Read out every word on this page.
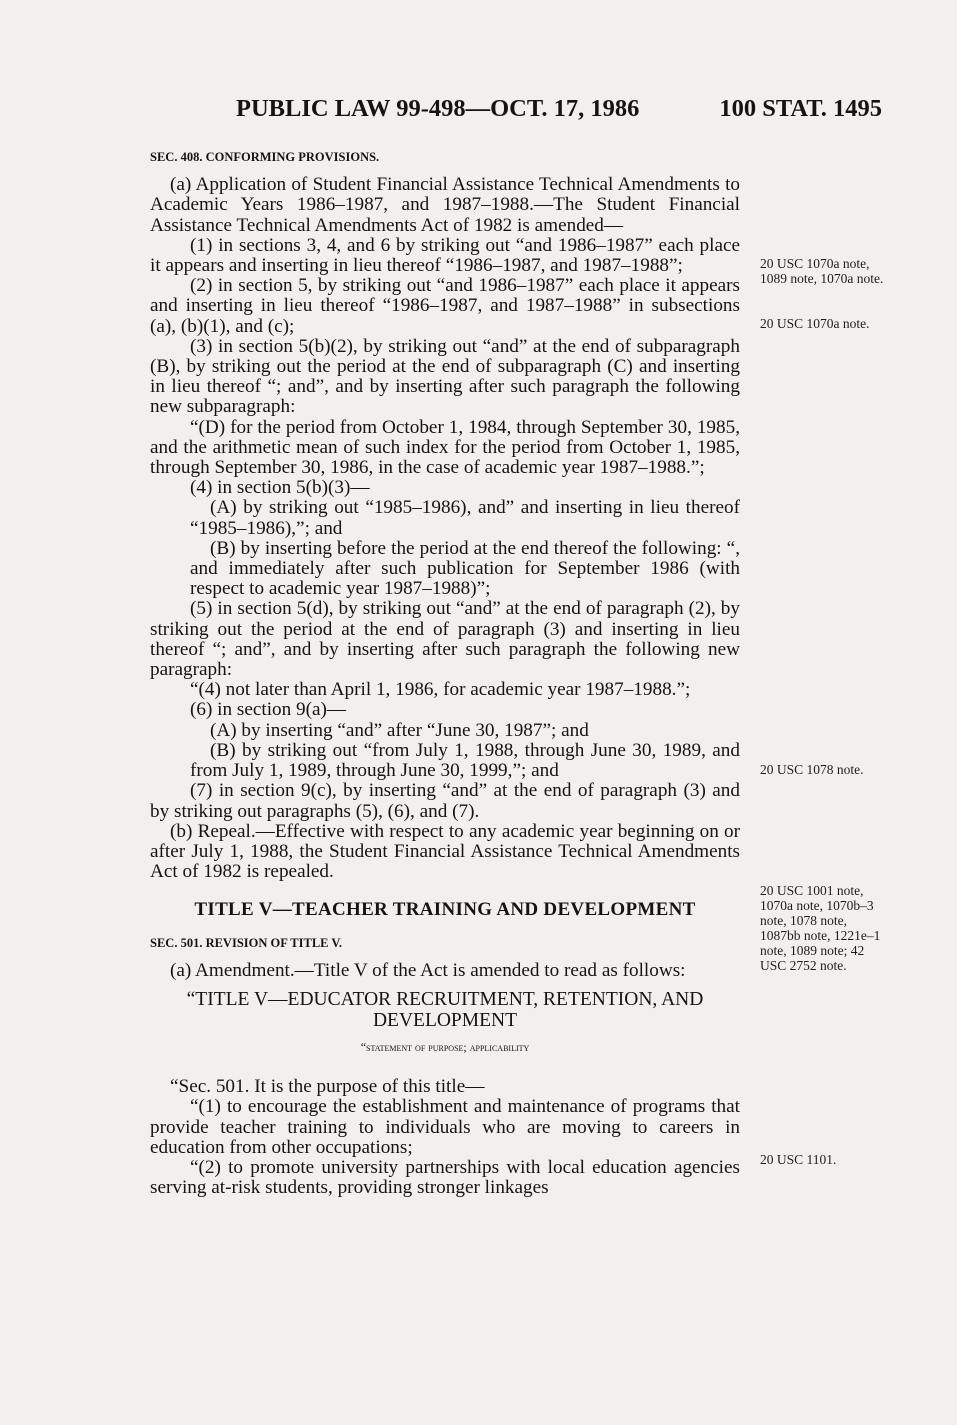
PUBLIC LAW 99-498—OCT. 17, 1986	100 STAT. 1495

SEC. 408. CONFORMING PROVISIONS.

(a) Application of Student Financial Assistance Technical Amendments to Academic Years 1986–1987, and 1987–1988.—The Student Financial Assistance Technical Amendments Act of 1982 is amended—

(1) in sections 3, 4, and 6 by striking out “and 1986–1987” each place it appears and inserting in lieu thereof “1986–1987, and 1987–1988”;

(2) in section 5, by striking out “and 1986–1987” each place it appears and inserting in lieu thereof “1986–1987, and 1987–1988” in subsections (a), (b)(1), and (c);

(3) in section 5(b)(2), by striking out “and” at the end of subparagraph (B), by striking out the period at the end of subparagraph (C) and inserting in lieu thereof “; and”, and by inserting after such paragraph the following new subparagraph:

“(D) for the period from October 1, 1984, through September 30, 1985, and the arithmetic mean of such index for the period from October 1, 1985, through September 30, 1986, in the case of academic year 1987–1988.”;

(4) in section 5(b)(3)—

(A) by striking out “1985–1986), and” and inserting in lieu thereof “1985–1986),”; and

(B) by inserting before the period at the end thereof the following: “, and immediately after such publication for September 1986 (with respect to academic year 1987–1988)”;

(5) in section 5(d), by striking out “and” at the end of paragraph (2), by striking out the period at the end of paragraph (3) and inserting in lieu thereof “; and”, and by inserting after such paragraph the following new paragraph:

“(4) not later than April 1, 1986, for academic year 1987–1988.”;

(6) in section 9(a)—

(A) by inserting “and” after “June 30, 1987”; and

(B) by striking out “from July 1, 1988, through June 30, 1989, and from July 1, 1989, through June 30, 1999,”; and

(7) in section 9(c), by inserting “and” at the end of paragraph (3) and by striking out paragraphs (5), (6), and (7).

(b) Repeal.—Effective with respect to any academic year beginning on or after July 1, 1988, the Student Financial Assistance Technical Amendments Act of 1982 is repealed.

TITLE V—TEACHER TRAINING AND DEVELOPMENT

SEC. 501. REVISION OF TITLE V.

(a) Amendment.—Title V of the Act is amended to read as follows:

“TITLE V—EDUCATOR RECRUITMENT, RETENTION, AND DEVELOPMENT

“statement of purpose; applicability

“Sec. 501. It is the purpose of this title—

“(1) to encourage the establishment and maintenance of programs that provide teacher training to individuals who are moving to careers in education from other occupations;

“(2) to promote university partnerships with local education agencies serving at-risk students, providing stronger linkages

20 USC 1070a note, 1089 note, 1070a note.
20 USC 1070a note.
20 USC 1078 note.
20 USC 1001 note, 1070a note, 1070b–3 note, 1078 note, 1087bb note, 1221e–1 note, 1089 note; 42 USC 2752 note.
20 USC 1101.
